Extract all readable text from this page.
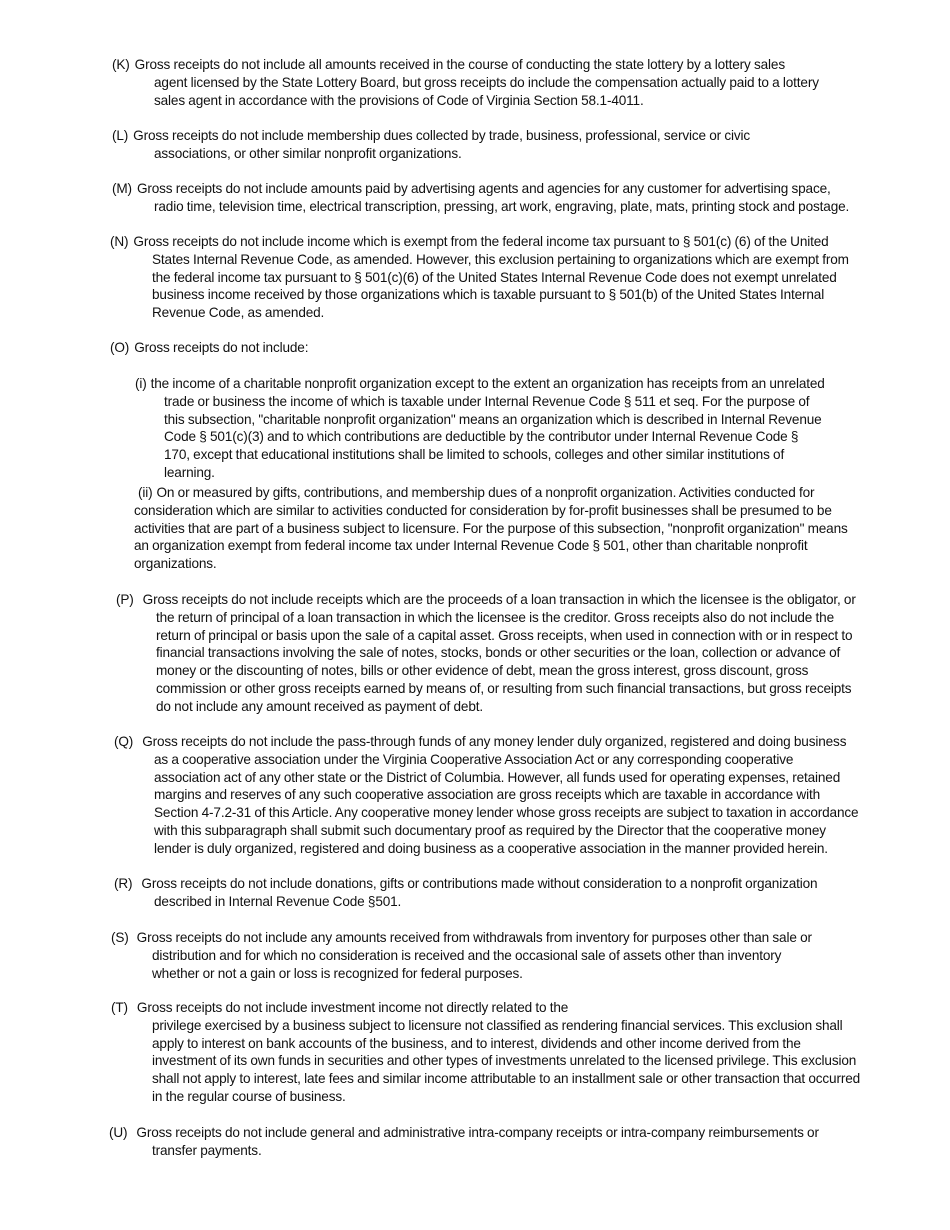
(K) Gross receipts do not include all amounts received in the course of conducting the state lottery by a lottery sales
agent licensed by the State Lottery Board, but gross receipts do include the compensation actually paid to a lottery
sales agent in accordance with the provisions of Code of Virginia Section 58.1-4011.

(L) Gross receipts do not include membership dues collected by trade, business, professional, service or civic
associations, or other similar nonprofit organizations.

(M) Gross receipts do not include amounts paid by advertising agents and agencies for any customer for advertising space,
radio time, television time, electrical transcription, pressing, art work, engraving, plate, mats, printing stock and postage.

(N) Gross receipts do not include income which is exempt from the federal income tax pursuant to § 501(c) (6) of the United
States Internal Revenue Code, as amended. However, this exclusion pertaining to organizations which are exempt from
the federal income tax pursuant to § 501(c)(6) of the United States Internal Revenue Code does not exempt unrelated
business income received by those organizations which is taxable pursuant to § 501(b) of the United States Internal
Revenue Code, as amended.

(O) Gross receipts do not include:

(i) the income of a charitable nonprofit organization except to the extent an organization has receipts from an unrelated
trade or business the income of which is taxable under Internal Revenue Code § 511 et seq. For the purpose of
this subsection, "charitable nonprofit organization" means an organization which is described in Internal Revenue
Code § 501(c)(3) and to which contributions are deductible by the contributor under Internal Revenue Code §
170, except that educational institutions shall be limited to schools, colleges and other similar institutions of
learning.

(ii) On or measured by gifts, contributions, and membership dues of a nonprofit organization. Activities conducted for
consideration which are similar to activities conducted for consideration by for-profit businesses shall be presumed to be
activities that are part of a business subject to licensure. For the purpose of this subsection, "nonprofit organization" means
an organization exempt from federal income tax under Internal Revenue Code § 501, other than charitable nonprofit
organizations.

(P) Gross receipts do not include receipts which are the proceeds of a loan transaction in which the licensee is the obligator, or
the return of principal of a loan transaction in which the licensee is the creditor. Gross receipts also do not include the
return of principal or basis upon the sale of a capital asset. Gross receipts, when used in connection with or in respect to
financial transactions involving the sale of notes, stocks, bonds or other securities or the loan, collection or advance of
money or the discounting of notes, bills or other evidence of debt, mean the gross interest, gross discount, gross
commission or other gross receipts earned by means of, or resulting from such financial transactions, but gross receipts
do not include any amount received as payment of debt.

(Q) Gross receipts do not include the pass-through funds of any money lender duly organized, registered and doing business
as a cooperative association under the Virginia Cooperative Association Act or any corresponding cooperative
association act of any other state or the District of Columbia. However, all funds used for operating expenses, retained
margins and reserves of any such cooperative association are gross receipts which are taxable in accordance with
Section 4-7.2-31 of this Article. Any cooperative money lender whose gross receipts are subject to taxation in accordance
with this subparagraph shall submit such documentary proof as required by the Director that the cooperative money
lender is duly organized, registered and doing business as a cooperative association in the manner provided herein.

(R) Gross receipts do not include donations, gifts or contributions made without consideration to a nonprofit organization
described in Internal Revenue Code §501.

(S) Gross receipts do not include any amounts received from withdrawals from inventory for purposes other than sale or
distribution and for which no consideration is received and the occasional sale of assets other than inventory
whether or not a gain or loss is recognized for federal purposes.

(T) Gross receipts do not include investment income not directly related to the
privilege exercised by a business subject to licensure not classified as rendering financial services. This exclusion shall
apply to interest on bank accounts of the business, and to interest, dividends and other income derived from the
investment of its own funds in securities and other types of investments unrelated to the licensed privilege. This exclusion
shall not apply to interest, late fees and similar income attributable to an installment sale or other transaction that occurred
in the regular course of business.

(U) Gross receipts do not include general and administrative intra-company receipts or intra-company reimbursements or
transfer payments.
